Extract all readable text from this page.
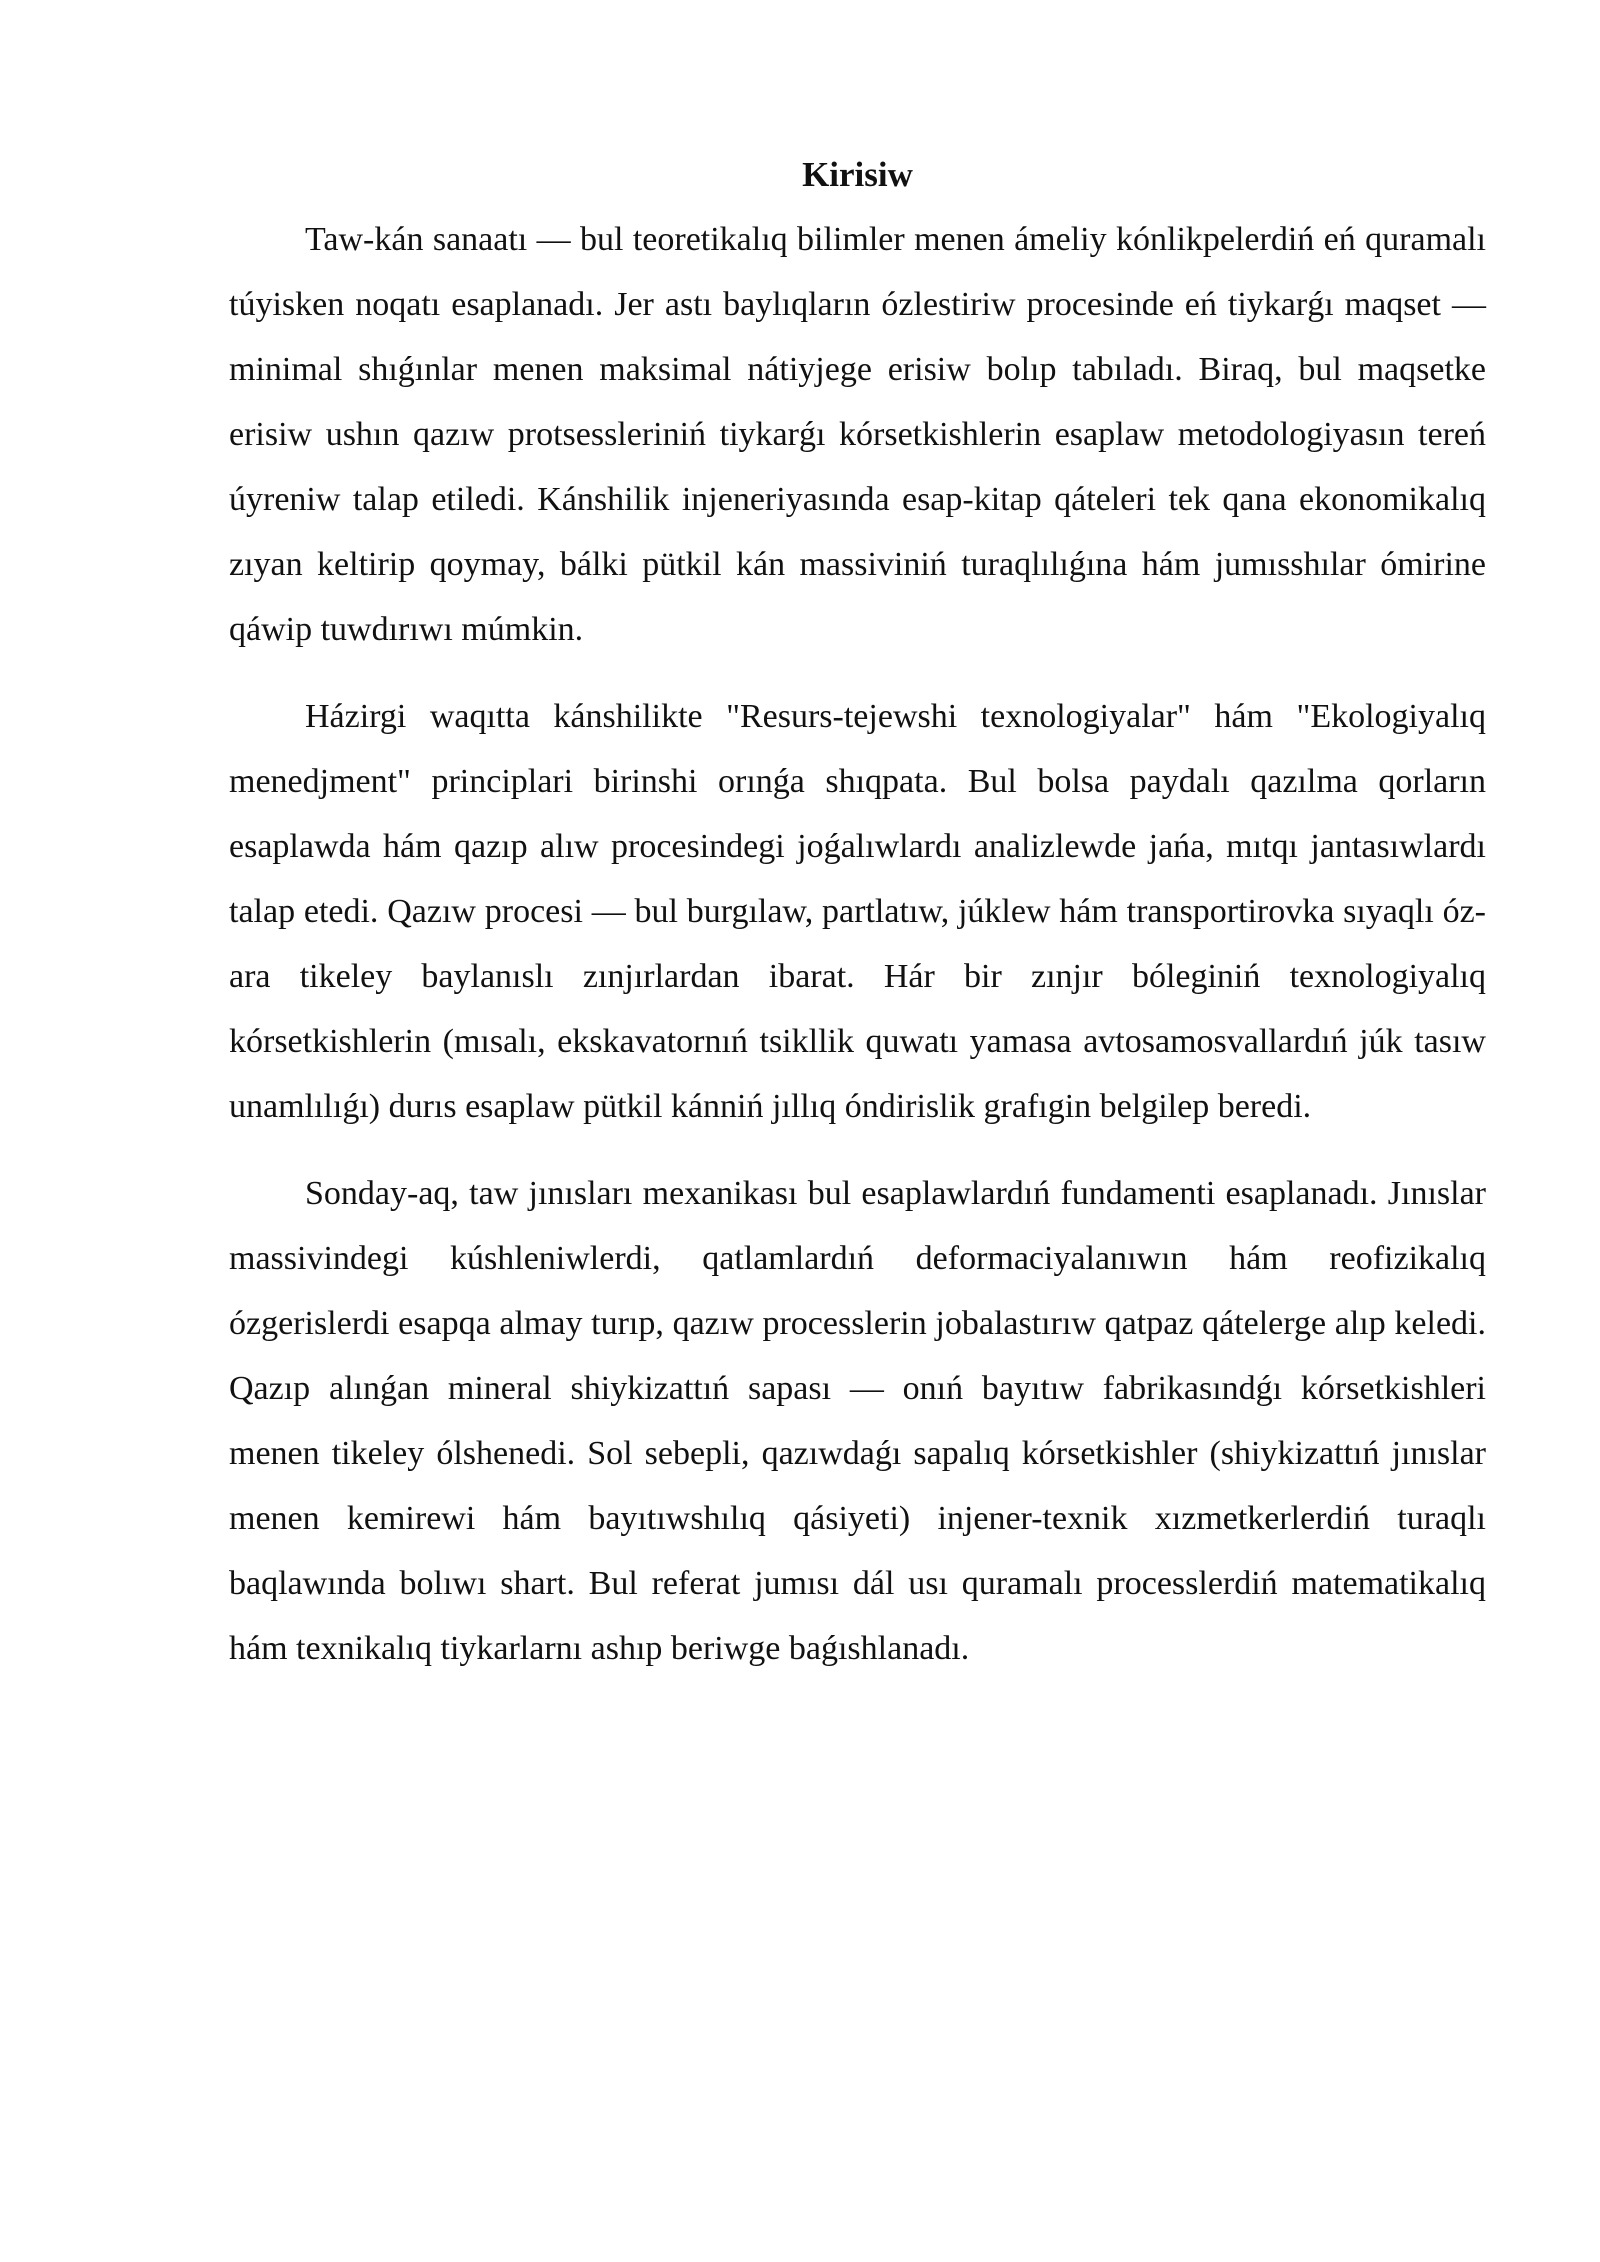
Kirisiw

Taw-kán sanaatı — bul teoretikalıq bilimler menen ámeliy kónlikpelerdiń eń quramalı túyisken noqatı esaplanadı. Jer astı baylıqların ózlestiriw procesinde eń tiykarǵı maqset — minimal shıǵınlar menen maksimal nátiyjege erisiw bolıp tabıladı. Biraq, bul maqsetke erisiw ushın qazıw protsessleriniń tiykarǵı kórsetkishlerin esaplaw metodologiyasın tereń úyreniw talap etiledi. Kánshilik injeneriyasında esap-kitap qáteleri tek qana ekonomikalıq zıyan keltirip qoymay, bálki pütkil kán massiviniń turaqlılıǵına hám jumısshılar ómirine qáwip tuwdırıwı múmkin.

Házirgi waqıtta kánshilikte "Resurs-tejewshi texnologiyalar" hám "Ekologiyalıq menedjment" principlari birinshi orınǵa shıqpata. Bul bolsa paydalı qazılma qorların esaplawda hám qazıp alıw procesindegi joǵalıwlardı analizlewde jańa, mıtqı jantasıwlardı talap etedi. Qazıw procesi — bul burgılaw, partlatıw, júklew hám transportirovka sıyaqlı óz-ara tikeley baylanıslı zınjırlardan ibarat. Hár bir zınjır bóleginiń texnologiyalıq kórsetkishlerin (mısalı, ekskavatornıń tsikllik quwatı yamasa avtosamosvallardıń júk tasıw unamlılıǵı) durıs esaplaw pütkil kánniń jıllıq óndirislik grafıgin belgilep beredi.

Sonday-aq, taw jınısları mexanikası bul esaplawlardıń fundamenti esaplanadı. Jınıslar massivindegi kúshleniwlerdi, qatlamlardıń deformaciyalanıwın hám reofizikalıq ózgerislerdi esapqa almay turıp, qazıw processlerin jobalastırıw qatpaz qátelerge alıp keledi. Qazıp alınǵan mineral shiykizattıń sapası — onıń bayıtıw fabrikasındǵı kórsetkishleri menen tikeley ólshenedi. Sol sebepli, qazıwdaǵı sapalıq kórsetkishler (shiykizattıń jınıslar menen kemirewi hám bayıtıwshılıq qásiyeti) injener-texnik xızmetkerlerdiń turaqlı baqlawında bolıwı shart. Bul referat jumısı dál usı quramalı processlerdiń matematikalıq hám texnikalıq tiykarlarnı ashıp beriwge baǵıshlanadı.
